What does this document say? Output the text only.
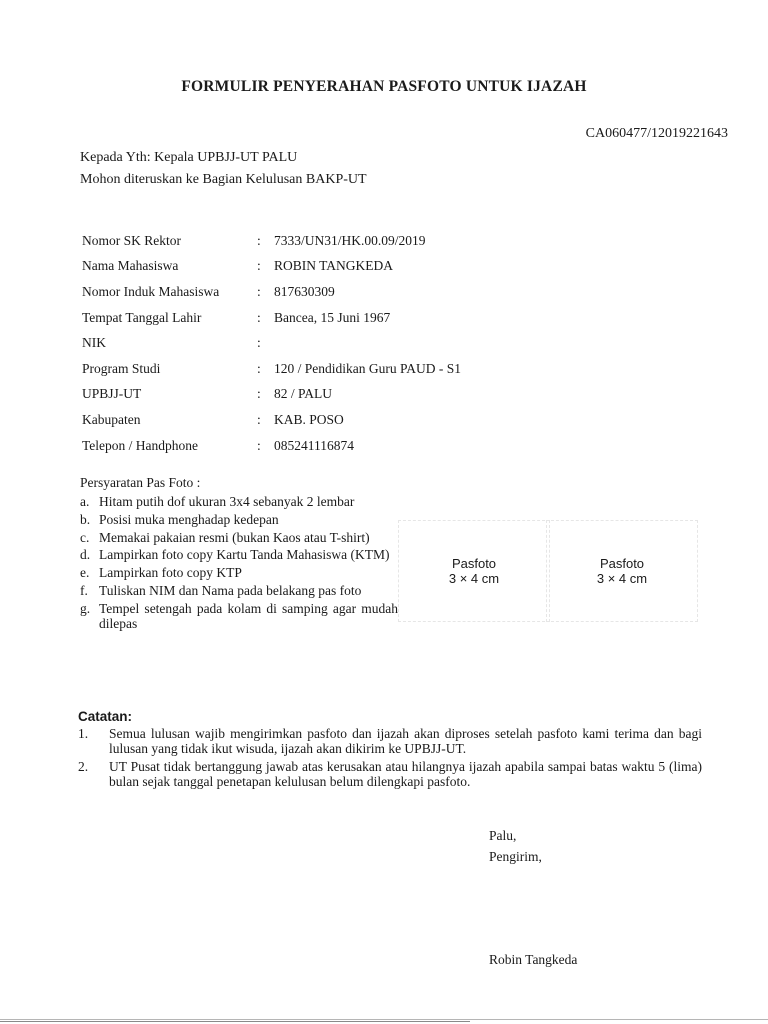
FORMULIR PENYERAHAN PASFOTO UNTUK IJAZAH
CA060477/12019221643
Kepada Yth: Kepala UPBJJ-UT PALU
Mohon diteruskan ke Bagian Kelulusan BAKP-UT
Nomor SK Rektor	: 7333/UN31/HK.00.09/2019
Nama Mahasiswa	: ROBIN TANGKEDA
Nomor Induk Mahasiswa	: 817630309
Tempat Tanggal Lahir	: Bancea, 15 Juni 1967
NIK	:
Program Studi	: 120 / Pendidikan Guru PAUD - S1
UPBJJ-UT	: 82 / PALU
Kabupaten	: KAB. POSO
Telepon / Handphone	: 085241116874
Persyaratan Pas Foto :
a. Hitam putih dof ukuran 3x4 sebanyak 2 lembar
b. Posisi muka menghadap kedepan
c. Memakai pakaian resmi (bukan Kaos atau T-shirt)
d. Lampirkan foto copy Kartu Tanda Mahasiswa (KTM)
e. Lampirkan foto copy KTP
f. Tuliskan NIM dan Nama pada belakang pas foto
g. Tempel setengah pada kolam di samping agar mudah dilepas
Pasfoto
3 × 4 cm
Pasfoto
3 × 4 cm
Catatan:
1.	Semua lulusan wajib mengirimkan pasfoto dan ijazah akan diproses setelah pasfoto kami terima dan bagi lulusan yang tidak ikut wisuda, ijazah akan dikirim ke UPBJJ-UT.
2.	UT Pusat tidak bertanggung jawab atas kerusakan atau hilangnya ijazah apabila sampai batas waktu 5 (lima) bulan sejak tanggal penetapan kelulusan belum dilengkapi pasfoto.
Palu,
Pengirim,
Robin Tangkeda
